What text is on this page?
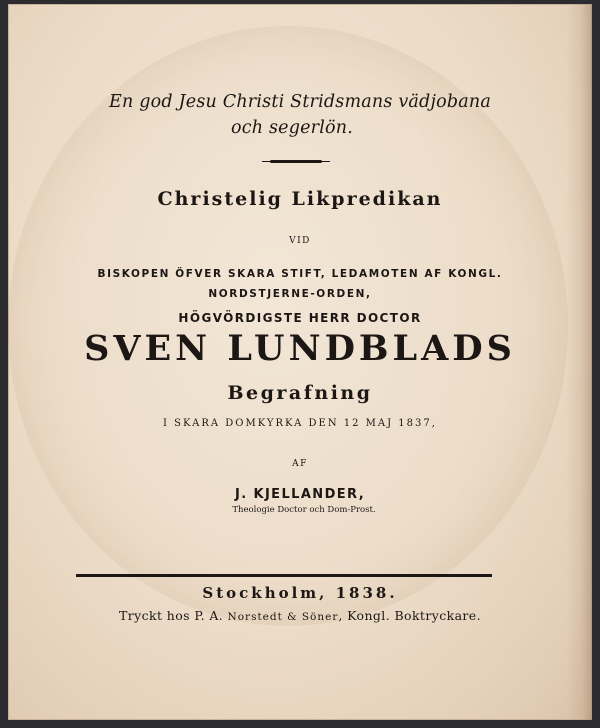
En god Jesu Christi Stridsmans vädjobana
och segerlön.
Christelig Likpredikan
VID
BISKOPEN ÖFVER SKARA STIFT, LEDAMOTEN AF KONGL.
NORDSTJERNE-ORDEN,
HÖGVÖRDIGSTE HERR DOCTOR
SVEN LUNDBLADS
Begrafning
I SKARA DOMKYRKA DEN 12 MAJ 1837,
AF
J. KJELLANDER,
Theologie Doctor och Dom-Prost.
Stockholm, 1838.
Tryckt hos P. A. Norstedt & Söner, Kongl. Boktryckare.
